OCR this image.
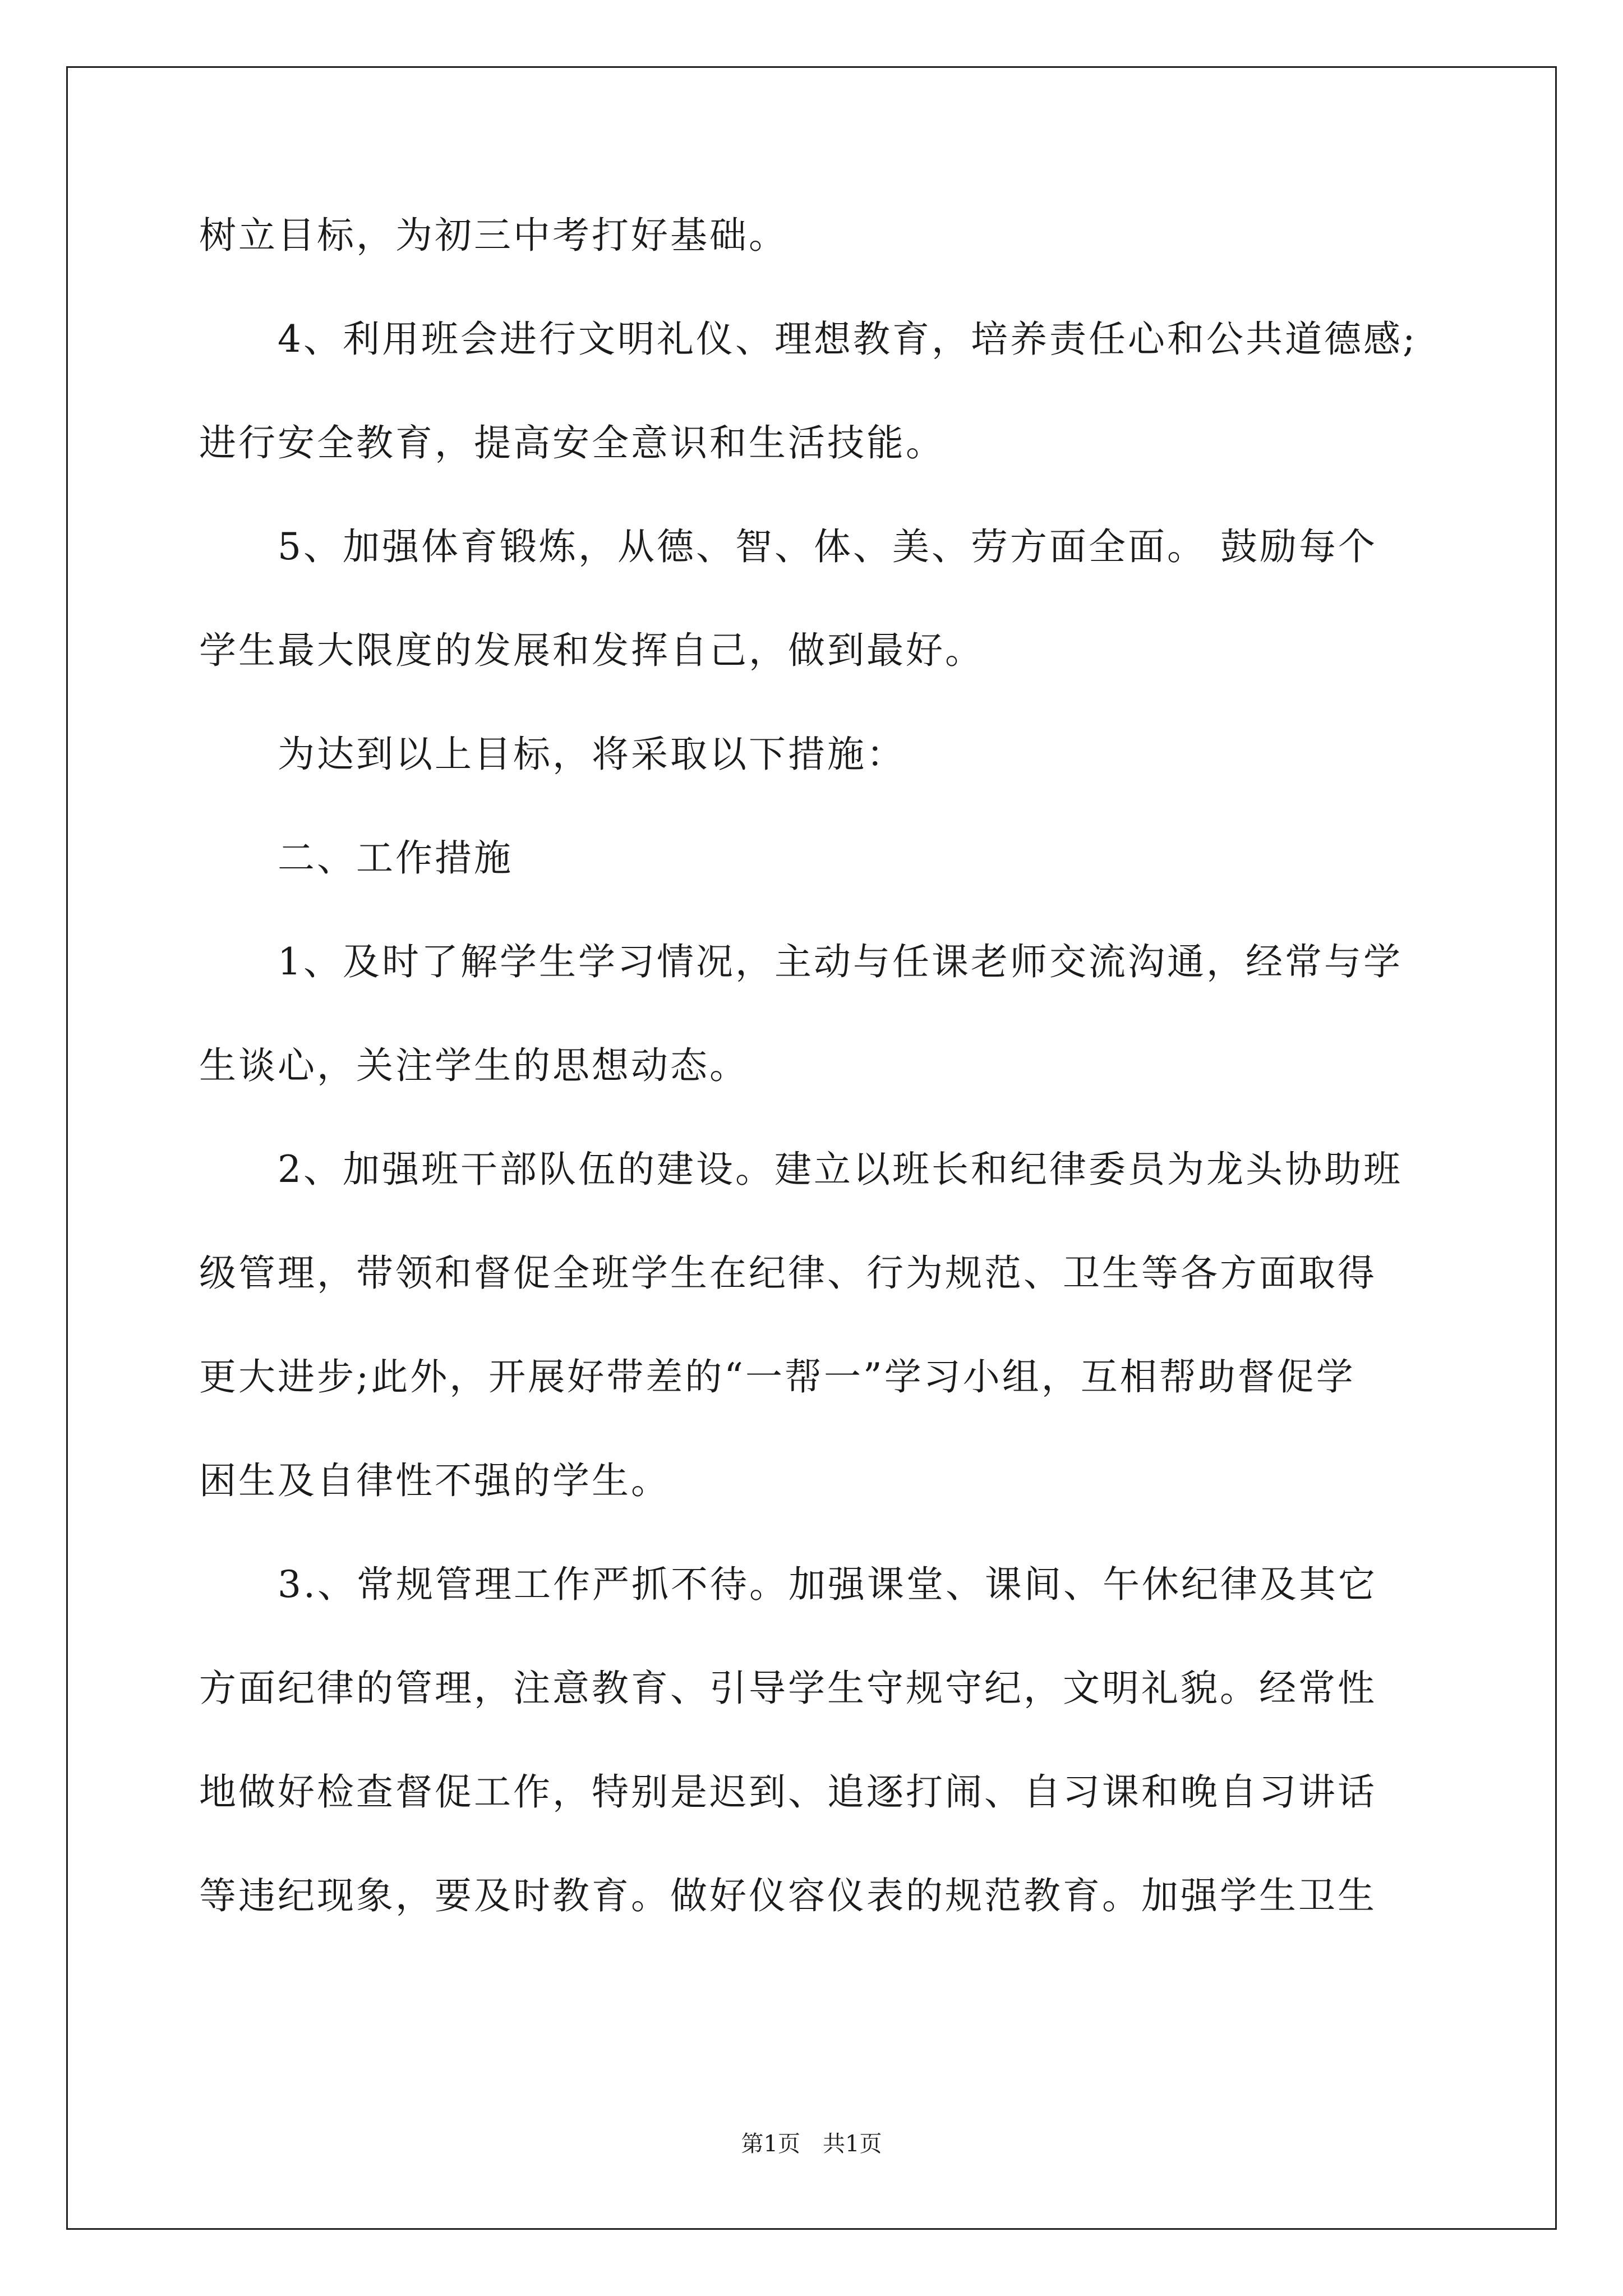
树立目标，为初三中考打好基础。
　　4、利用班会进行文明礼仪、理想教育，培养责任心和公共道德感;
进行安全教育，提高安全意识和生活技能。
　　5、加强体育锻炼，从德、智、体、美、劳方面全面。 鼓励每个
学生最大限度的发展和发挥自己，做到最好。
　　为达到以上目标，将采取以下措施：
　　二、工作措施
　　1、及时了解学生学习情况，主动与任课老师交流沟通，经常与学
生谈心，关注学生的思想动态。
　　2、加强班干部队伍的建设。建立以班长和纪律委员为龙头协助班
级管理，带领和督促全班学生在纪律、行为规范、卫生等各方面取得
更大进步;此外，开展好带差的“一帮一”学习小组，互相帮助督促学
困生及自律性不强的学生。
　　3.、常规管理工作严抓不待。加强课堂、课间、午休纪律及其它
方面纪律的管理，注意教育、引导学生守规守纪，文明礼貌。经常性
地做好检查督促工作，特别是迟到、追逐打闹、自习课和晚自习讲话
等违纪现象，要及时教育。做好仪容仪表的规范教育。加强学生卫生
第1页　共1页
